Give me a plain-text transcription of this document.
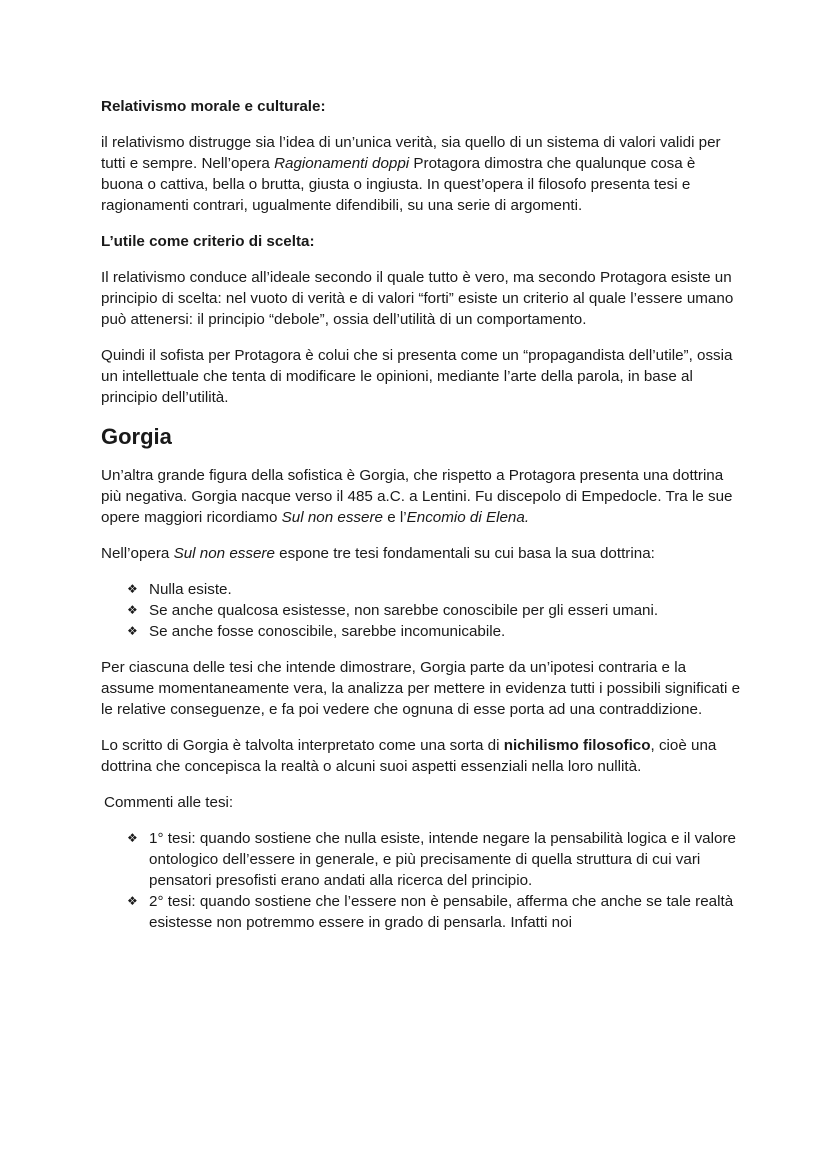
Relativismo morale e culturale:

il relativismo distrugge sia l’idea di un’unica verità, sia quello di un sistema di valori validi per tutti e sempre. Nell’opera Ragionamenti doppi Protagora dimostra che qualunque cosa è buona o cattiva, bella o brutta, giusta o ingiusta. In quest’opera il filosofo presenta tesi e ragionamenti contrari, ugualmente difendibili, su una serie di argomenti.

L’utile come criterio di scelta:

Il relativismo conduce all’ideale secondo il quale tutto è vero, ma secondo Protagora esiste un principio di scelta: nel vuoto di verità e di valori “forti” esiste un criterio al quale l’essere umano può attenersi: il principio “debole”, ossia dell’utilità di un comportamento.

Quindi il sofista per Protagora è colui che si presenta come un “propagandista dell’utile”, ossia un intellettuale che tenta di modificare le opinioni, mediante l’arte della parola, in base al principio dell’utilità.

Gorgia

Un’altra grande figura della sofistica è Gorgia, che rispetto a Protagora presenta una dottrina più negativa. Gorgia nacque verso il 485 a.C. a Lentini. Fu discepolo di Empedocle. Tra le sue opere maggiori ricordiamo Sul non essere e l’Encomio di Elena.

Nell’opera Sul non essere espone tre tesi fondamentali su cui basa la sua dottrina:

❖ Nulla esiste.
❖ Se anche qualcosa esistesse, non sarebbe conoscibile per gli esseri umani.
❖ Se anche fosse conoscibile, sarebbe incomunicabile.

Per ciascuna delle tesi che intende dimostrare, Gorgia parte da un’ipotesi contraria e la assume momentaneamente vera, la analizza per mettere in evidenza tutti i possibili significati e le relative conseguenze, e fa poi vedere che ognuna di esse porta ad una contraddizione.

Lo scritto di Gorgia è talvolta interpretato come una sorta di nichilismo filosofico, cioè una dottrina che concepisca la realtà o alcuni suoi aspetti essenziali nella loro nullità.

Commenti alle tesi:

❖ 1° tesi: quando sostiene che nulla esiste, intende negare la pensabilità logica e il valore ontologico dell’essere in generale, e più precisamente di quella struttura di cui vari pensatori presofisti erano andati alla ricerca del principio.
❖ 2° tesi: quando sostiene che l’essere non è pensabile, afferma che anche se tale realtà esistesse non potremmo essere in grado di pensarla. Infatti noi
